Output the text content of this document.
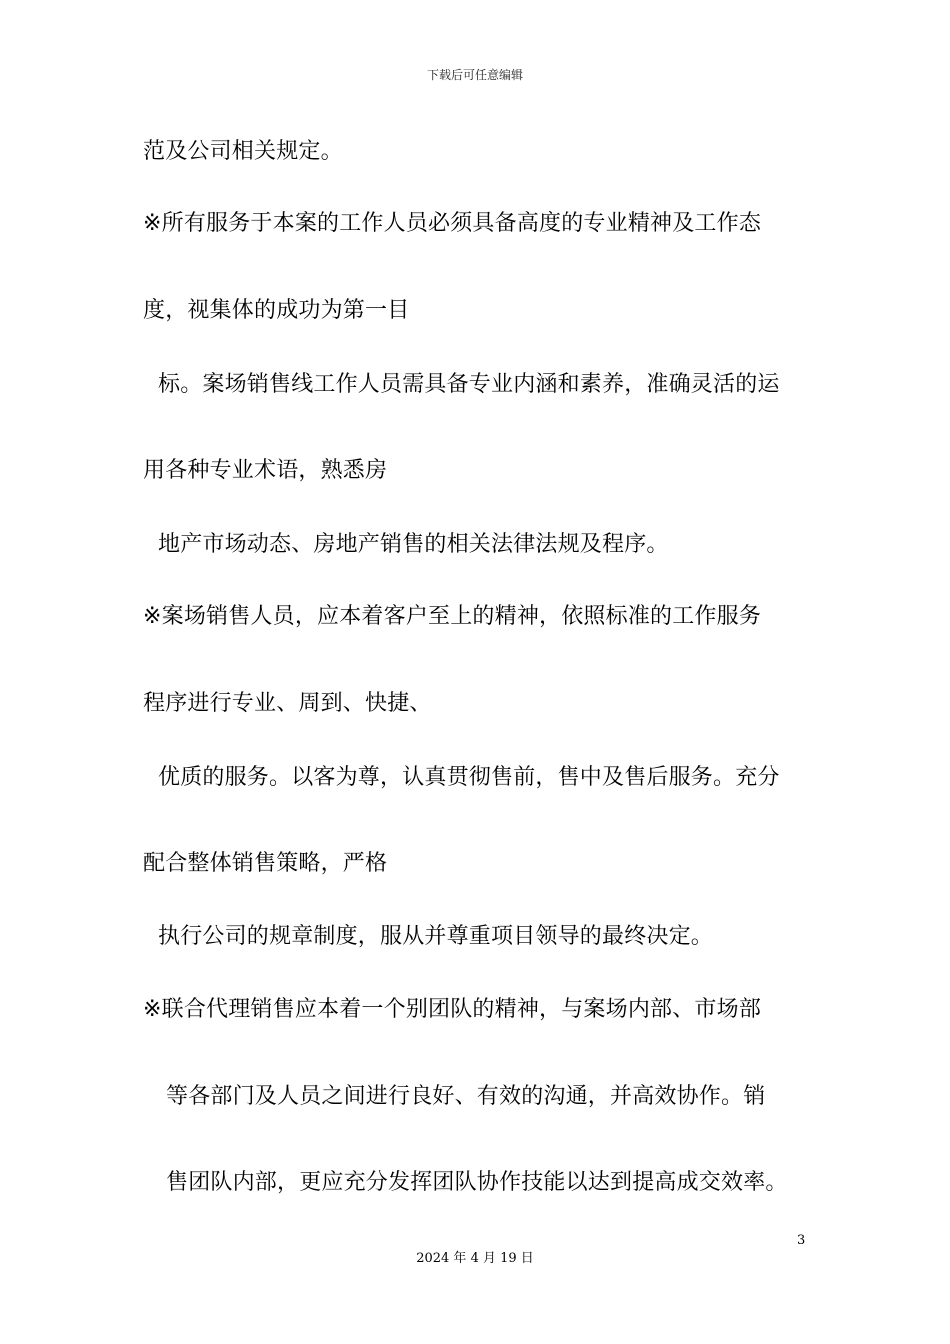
下载后可任意编辑
范及公司相关规定。
※所有服务于本案的工作人员必须具备高度的专业精神及工作态
度，视集体的成功为第一目
标。案场销售线工作人员需具备专业内涵和素养，准确灵活的运
用各种专业术语，熟悉房
地产市场动态、房地产销售的相关法律法规及程序。
※案场销售人员，应本着客户至上的精神，依照标准的工作服务
程序进行专业、周到、快捷、
优质的服务。以客为尊，认真贯彻售前，售中及售后服务。充分
配合整体销售策略，严格
执行公司的规章制度，服从并尊重项目领导的最终决定。
※联合代理销售应本着一个别团队的精神，与案场内部、市场部
等各部门及人员之间进行良好、有效的沟通，并高效协作。销
售团队内部，更应充分发挥团队协作技能以达到提高成交效率。
3
2024 年 4 月 19 日
